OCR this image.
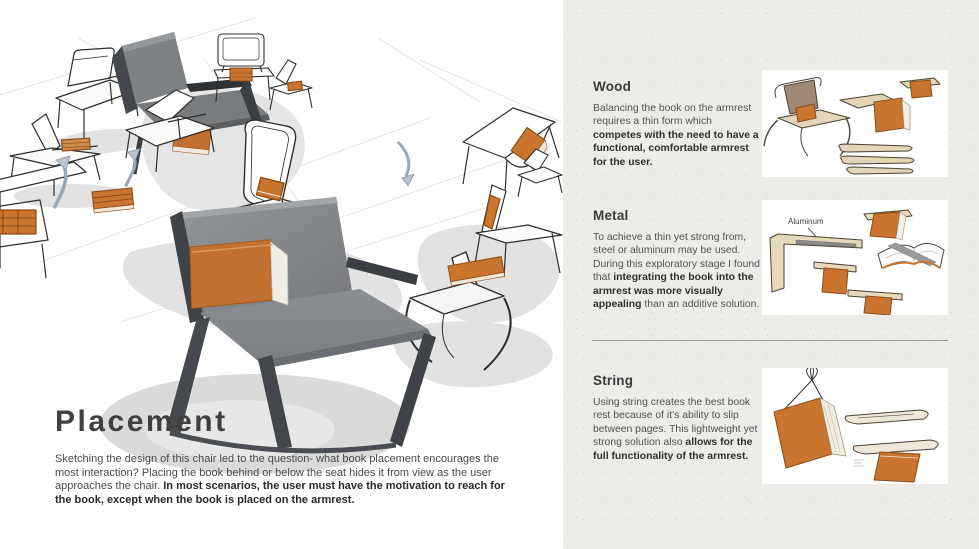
Placement

Sketching the design of this chair led to the question- what book placement encourages the most interaction? Placing the book behind or below the seat hides it from view as the user approaches the chair. In most scenarios, the user must have the motivation to reach for the book, except when the book is placed on the armrest.

Wood

Balancing the book on the armrest requires a thin form which competes with the need to have a functional, comfortable armrest for the user.

Metal

To achieve a thin yet strong from, steel or aluminum may be used. During this exploratory stage I found that integrating the book into the armrest was more visually appealing than an additive solution.

Aluminum
String

Using string creates the best book rest because of it's ability to slip between pages. This lightweight yet strong solution also allows for the full functionality of the armrest.
